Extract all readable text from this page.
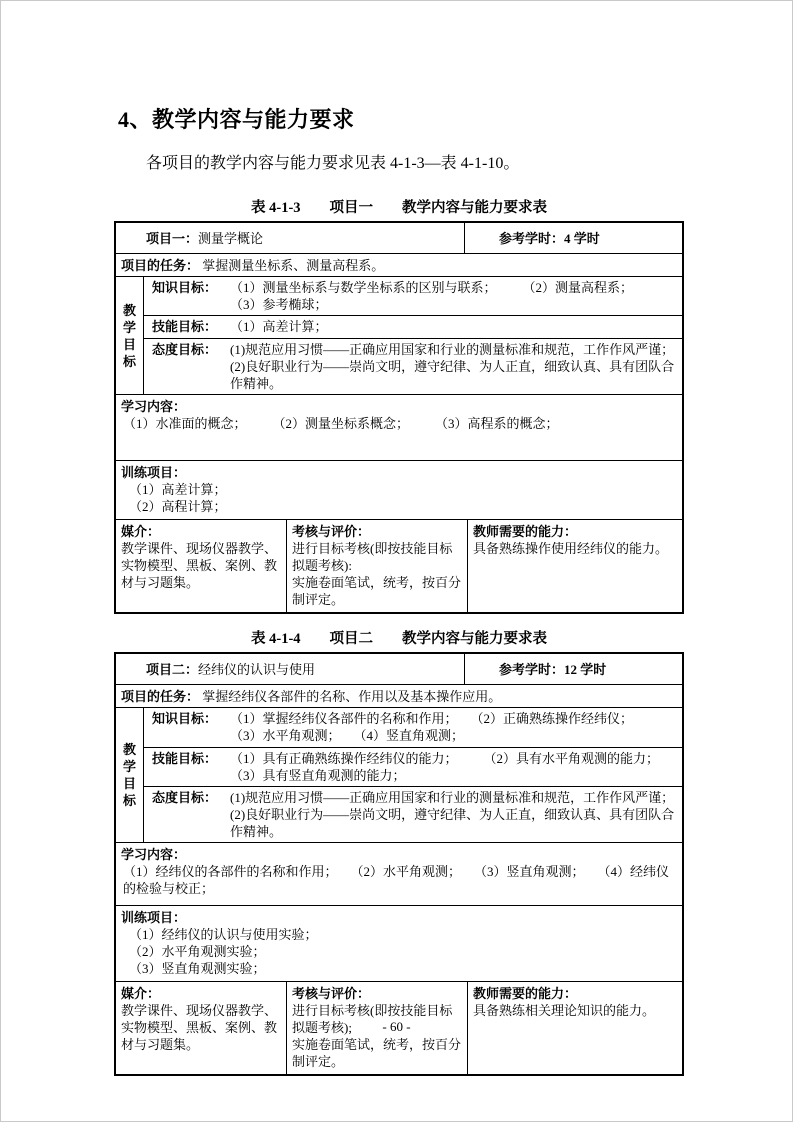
4、教学内容与能力要求
各项目的教学内容与能力要求见表 4-1-3—表 4-1-10。
表 4-1-3　　项目一　　教学内容与能力要求表
项目一： 测量学概论	参考学时： 4 学时
项目的任务： 掌握测量坐标系、测量高程系。
教学目标
知识目标： （1）测量坐标系与数学坐标系的区别与联系；　　　（2）测量高程系；
（3）参考椭球；
技能目标： （1）高差计算；
态度目标： (1)规范应用习惯——正确应用国家和行业的测量标准和规范，工作作风严谨；
(2)良好职业行为——崇尚文明，遵守纪律、为人正直，细致认真、具有团队合作精神。
学习内容：
（1）水准面的概念；　　　（2）测量坐标系概念；　　　（3）高程系的概念；
训练项目：
（1）高差计算；
（2）高程计算；
媒介：
教学课件、现场仪器教学、实物模型、黑板、案例、教材与习题集。
考核与评价：
进行目标考核(即按技能目标拟题考核):
实施卷面笔试，统考，按百分制评定。
教师需要的能力：
具备熟练操作使用经纬仪的能力。
表 4-1-4　　项目二　　教学内容与能力要求表
项目二： 经纬仪的认识与使用	参考学时： 12 学时
项目的任务： 掌握经纬仪各部件的名称、作用以及基本操作应用。
教学目标
知识目标： （1）掌握经纬仪各部件的名称和作用；　　（2）正确熟练操作经纬仪；
（3）水平角观测；　　（4）竖直角观测；
技能目标： （1）具有正确熟练操作经纬仪的能力；　　　（2）具有水平角观测的能力；
（3）具有竖直角观测的能力；
态度目标： (1)规范应用习惯——正确应用国家和行业的测量标准和规范，工作作风严谨；
(2)良好职业行为——崇尚文明，遵守纪律、为人正直，细致认真、具有团队合作精神。
学习内容：
（1）经纬仪的各部件的名称和作用；　　（2）水平角观测；　　（3）竖直角观测；　　（4）经纬仪的检验与校正；
训练项目：
（1）经纬仪的认识与使用实验；
（2）水平角观测实验；
（3）竖直角观测实验；
媒介：
教学课件、现场仪器教学、实物模型、黑板、案例、教材与习题集。
考核与评价：
进行目标考核(即按技能目标拟题考核);
实施卷面笔试，统考，按百分制评定。
教师需要的能力：
具备熟练相关理论知识的能力。
- 60 -
